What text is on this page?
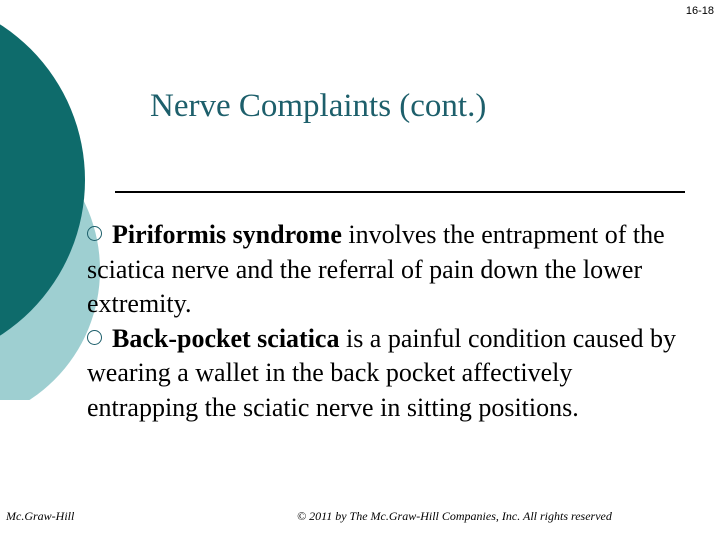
16-18
Nerve Complaints (cont.)

Piriformis syndrome involves the entrapment of the sciatica nerve and the referral of pain down the lower extremity.

Back-pocket sciatica is a painful condition caused by wearing a wallet in the back pocket affectively entrapping the sciatic nerve in sitting positions.

Mc.Graw-Hill	© 2011 by The Mc.Graw-Hill Companies, Inc. All rights reserved
